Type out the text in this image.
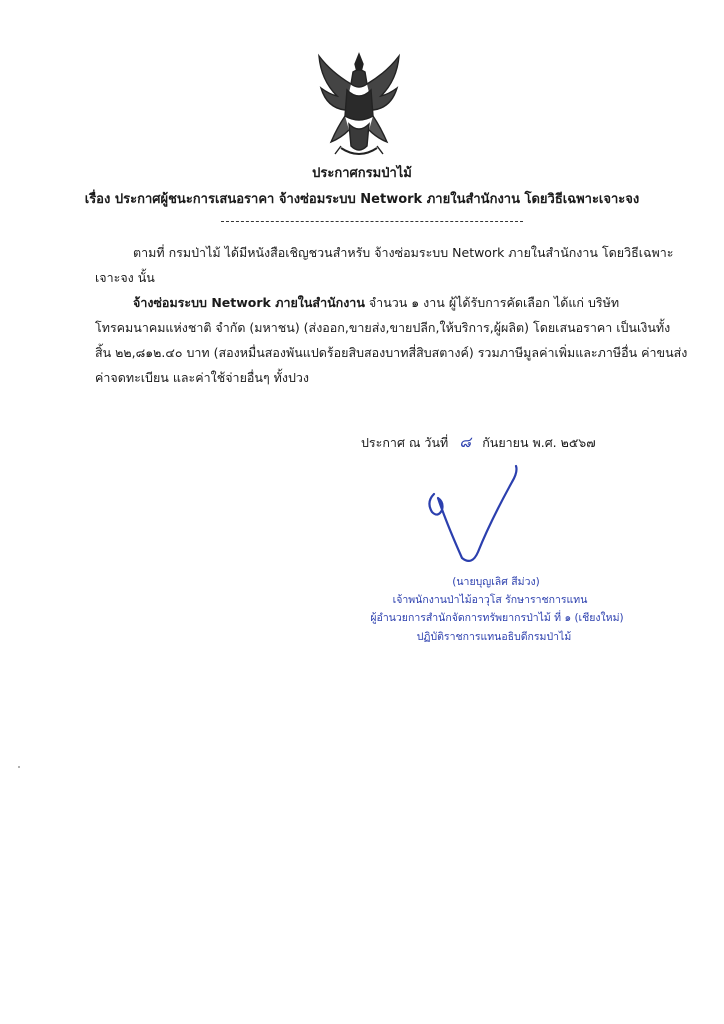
ประกาศกรมป่าไม้
เรื่อง ประกาศผู้ชนะการเสนอราคา จ้างซ่อมระบบ Network ภายในสำนักงาน โดยวิธีเฉพาะเจาะจง
ตามที่ กรมป่าไม้ ได้มีหนังสือเชิญชวนสำหรับ จ้างซ่อมระบบ Network ภายในสำนักงาน โดยวิธีเฉพาะ
เจาะจง นั้น
จ้างซ่อมระบบ Network ภายในสำนักงาน จำนวน ๑ งาน ผู้ได้รับการคัดเลือก ได้แก่ บริษัท
โทรคมนาคมแห่งชาติ จำกัด (มหาชน) (ส่งออก,ขายส่ง,ขายปลีก,ให้บริการ,ผู้ผลิต) โดยเสนอราคา เป็นเงินทั้ง
สิ้น ๒๒,๘๑๒.๔๐ บาท (สองหมื่นสองพันแปดร้อยสิบสองบาทสี่สิบสตางค์) รวมภาษีมูลค่าเพิ่มและภาษีอื่น ค่าขนส่ง
ค่าจดทะเบียน และค่าใช้จ่ายอื่นๆ ทั้งปวง
ประกาศ ณ วันที่ ๘ กันยายน พ.ศ. ๒๕๖๗
(นายบุญเลิศ สีม่วง)
เจ้าพนักงานป่าไม้อาวุโส รักษาราชการแทน
ผู้อำนวยการสำนักจัดการทรัพยากรป่าไม้ ที่ ๑ (เชียงใหม่)
ปฏิบัติราชการแทนอธิบดีกรมป่าไม้
